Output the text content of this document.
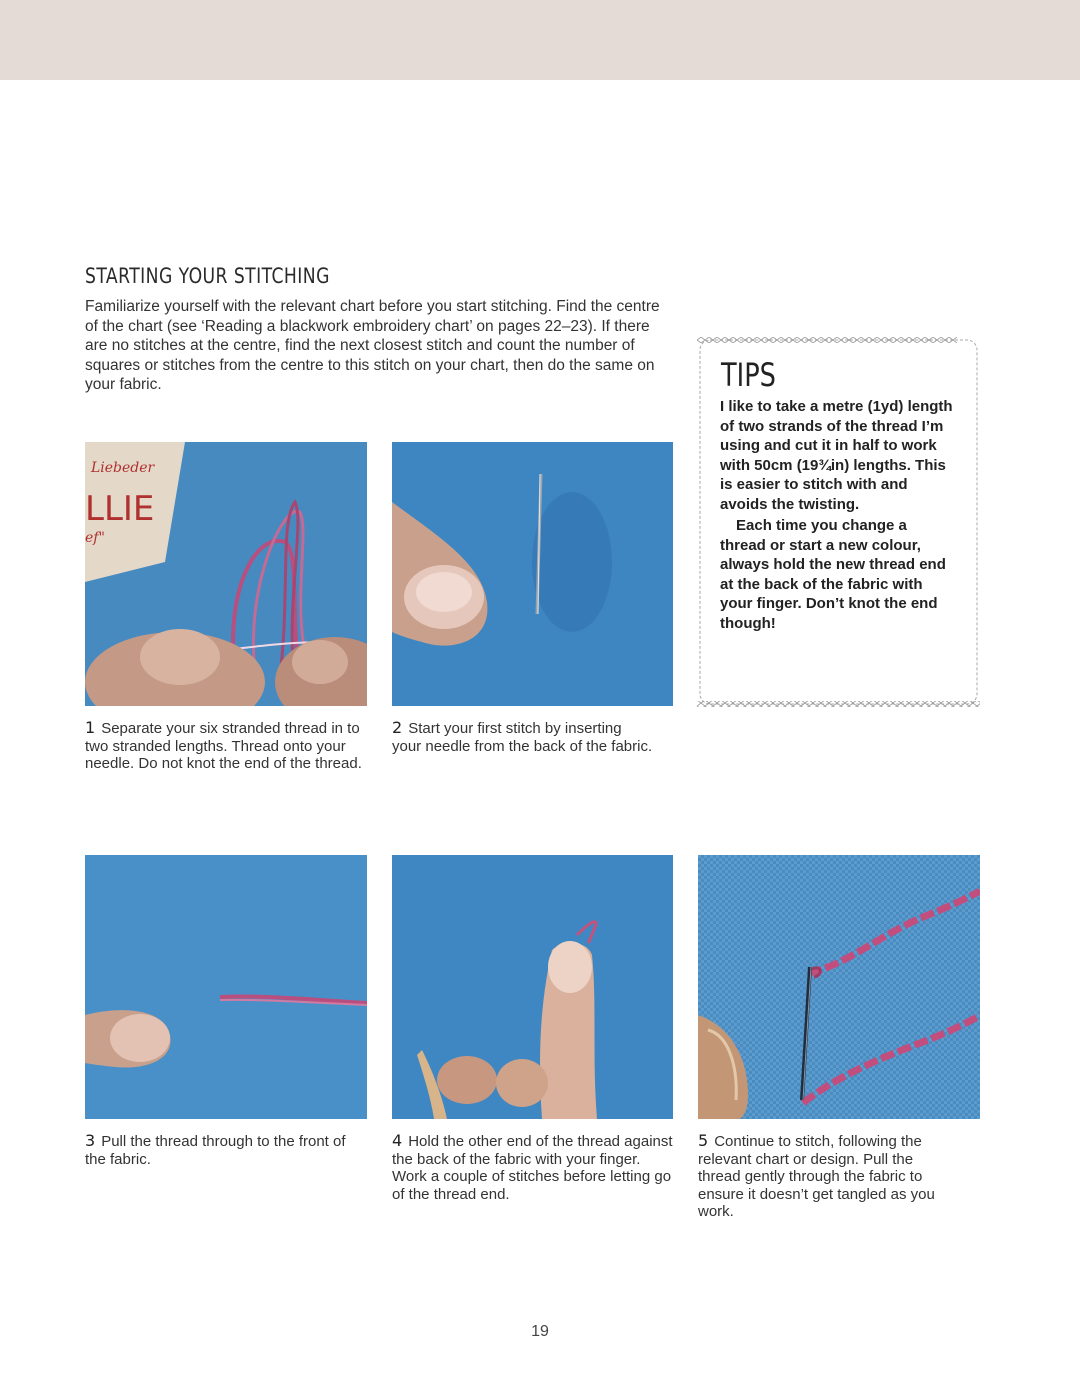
STARTING YOUR STITCHING
Familiarize yourself with the relevant chart before you start stitching. Find the centre of the chart (see ‘Reading a blackwork embroidery chart’ on pages 22–23). If there are no stitches at the centre, find the next closest stitch and count the number of squares or stitches from the centre to this stitch on your chart, then do the same on your fabric.
Liebeder
LLIE
ef"
1 Separate your six stranded thread in to two stranded lengths. Thread onto your needle. Do not knot the end of the thread.
2 Start your first stitch by inserting your needle from the back of the fabric.
TIPS

I like to take a metre (1yd) length of two strands of the thread I’m using and cut it in half to work with 50cm (19¾in) lengths. This is easier to stitch with and avoids the twisting.

Each time you change a thread or start a new colour, always hold the new thread end at the back of the fabric with your finger. Don’t knot the end though!

3 Pull the thread through to the front of the fabric.
4 Hold the other end of the thread against the back of the fabric with your finger. Work a couple of stitches before letting go of the thread end.
5 Continue to stitch, following the relevant chart or design. Pull the thread gently through the fabric to ensure it doesn’t get tangled as you work.
19
